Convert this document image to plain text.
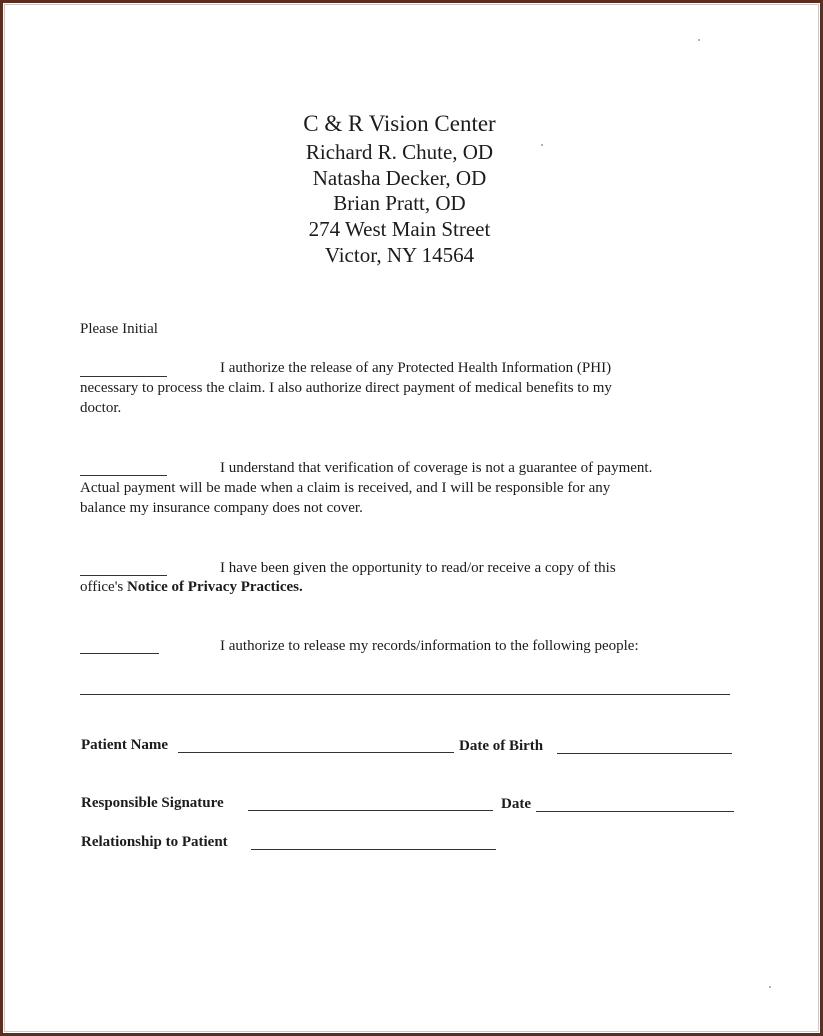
C & R Vision Center
Richard R. Chute, OD
Natasha Decker, OD
Brian Pratt, OD
274 West Main Street
Victor, NY 14564
Please Initial
I authorize the release of any Protected Health Information (PHI)
necessary to process the claim. I also authorize direct payment of medical benefits to my
doctor.
I understand that verification of coverage is not a guarantee of payment.
Actual payment will be made when a claim is received, and I will be responsible for any
balance my insurance company does not cover.
I have been given the opportunity to read/or receive a copy of this
office's Notice of Privacy Practices.
I authorize to release my records/information to the following people:
Patient Name	Date of Birth
Responsible Signature	Date
Relationship to Patient
